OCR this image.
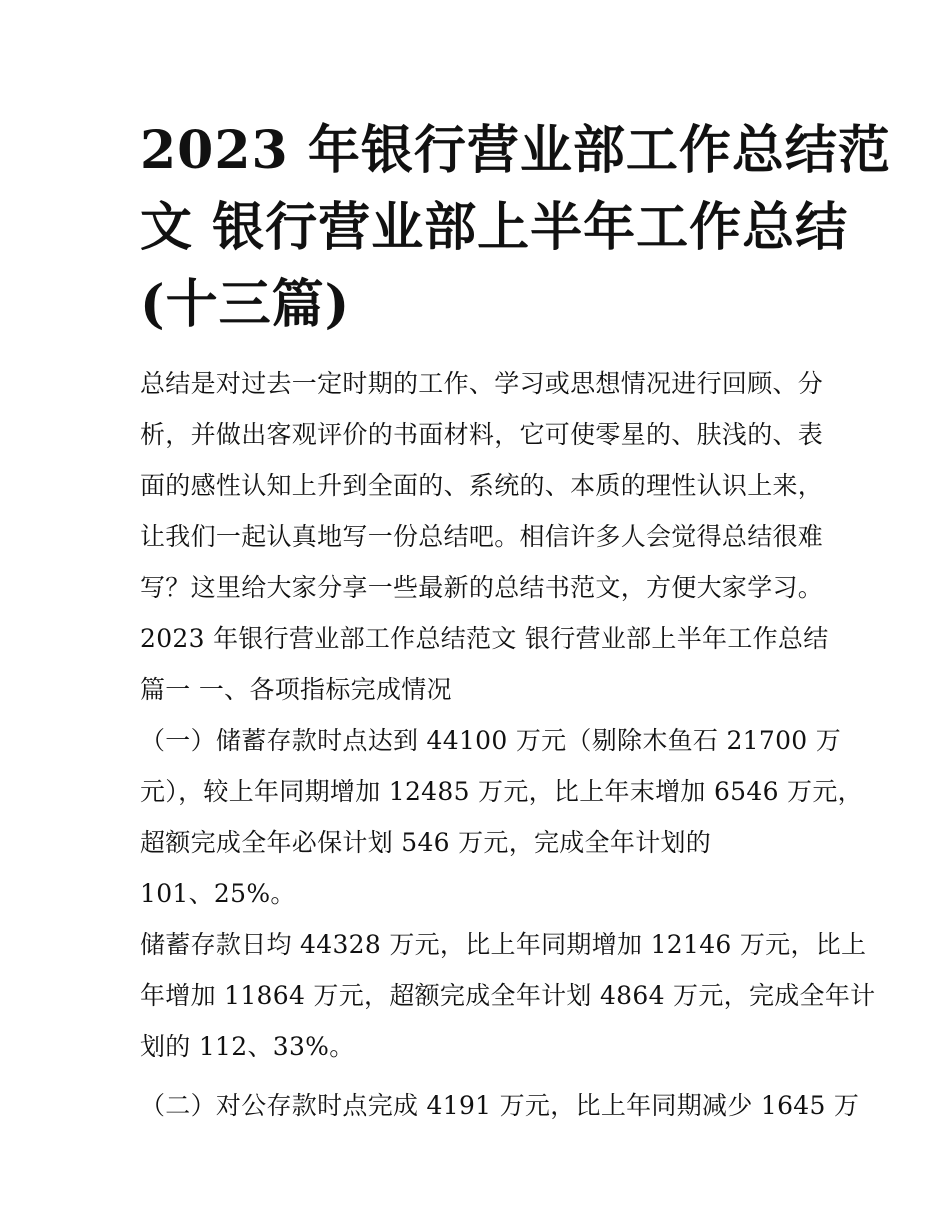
2023 年银行营业部工作总结范
文 银行营业部上半年工作总结
(十三篇)
总结是对过去一定时期的工作、学习或思想情况进行回顾、分
析，并做出客观评价的书面材料，它可使零星的、肤浅的、表
面的感性认知上升到全面的、系统的、本质的理性认识上来，
让我们一起认真地写一份总结吧。相信许多人会觉得总结很难
写？这里给大家分享一些最新的总结书范文，方便大家学习。
2023 年银行营业部工作总结范文 银行营业部上半年工作总结
篇一 一、各项指标完成情况
（一）储蓄存款时点达到 44100 万元（剔除木鱼石 21700 万
元），较上年同期增加 12485 万元，比上年末增加 6546 万元，
超额完成全年必保计划 546 万元，完成全年计划的
101、25%。
储蓄存款日均 44328 万元，比上年同期增加 12146 万元，比上
年增加 11864 万元，超额完成全年计划 4864 万元，完成全年计
划的 112、33%。
（二）对公存款时点完成 4191 万元，比上年同期减少 1645 万
